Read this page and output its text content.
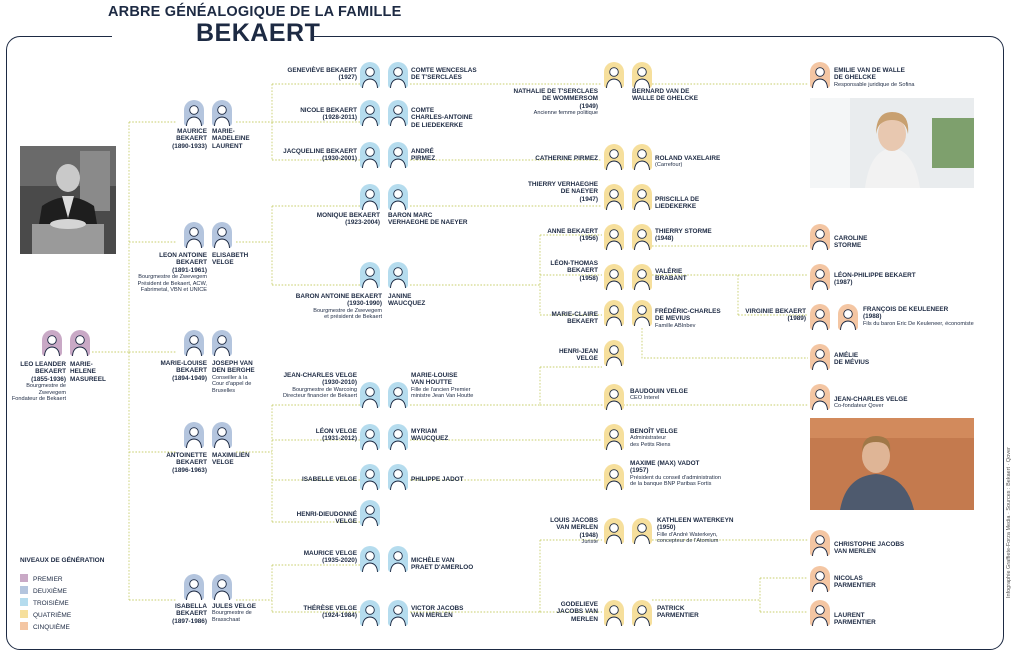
ARBRE GÉNÉALOGIQUE DE LA FAMILLE
BEKAERT
LEO LEANDER
BEKAERT
(1855-1936)
Bourgmestre de
Zwevegem
Fondateur de Bekaert
MARIE-
HELENE
MASUREEL
MAURICE
BEKAERT
(1890-1933)
MARIE-
MADELEINE
LAURENT
LEON ANTOINE
BEKAERT
(1891-1961)
Bourgmestre de Zwevegem
Président de Bekaert, ACW,
Fabrimetal, VBN et UNICE
ELISABETH
VELGE
MARIE-LOUISE
BEKAERT
(1894-1949)
JOSEPH VAN
DEN BERGHE
Conseiller à la
Cour d'appel de
Bruxelles
ANTOINETTE
BEKAERT
(1896-1963)
MAXIMILIEN
VELGE
ISABELLA
BEKAERT
(1897-1986)
JULES VELGE
Bourgmestre de
Brasschaat
GENEVIÈVE BEKAERT
(1927)
COMTE WENCESLAS
DE T'SERCLAES
NICOLE BEKAERT
(1928-2011)
COMTE
CHARLES-ANTOINE
DE LIEDEKERKE
JACQUELINE BEKAERT
(1930-2001)
ANDRÉ
PIRMEZ
MONIQUE BEKAERT
(1923-2004)
BARON MARC
VERHAEGHE DE NAEYER
BARON ANTOINE BEKAERT
(1930-1990)
Bourgmestre de Zwevegem
et président de Bekaert
JANINE
WAUCQUEZ
JEAN-CHARLES VELGE
(1930-2010)
Bourgmestre de Warcoing
Directeur financier de Bekaert
MARIE-LOUISE
VAN HOUTTE
Fille de l'ancien Premier
ministre Jean Van Houtte
LÉON VELGE
(1931-2012)
MYRIAM
WAUCQUEZ
ISABELLE VELGE	PHILIPPE JADOT
HENRI-DIEUDONNÉ
VELGE
MAURICE VELGE
(1935-2020)	MICHÈLE VAN
PRAET D'AMERLOO
THÉRÈSE VELGE
(1924-1984)
VICTOR JACOBS
VAN MERLEN
NATHALIE DE T'SERCLAES
DE WOMMERSOM
(1949)
Ancienne femme politique
BERNARD VAN DE
WALLE DE GHELCKE
CATHERINE PIRMEZ	ROLAND VAXELAIRE
(Carrefour)
THIERRY VERHAEGHE
DE NAEYER
(1947)	PRISCILLA DE
LIEDEKERKE
ANNE BEKAERT
(1956)
THIERRY STORME
(1948)
LÉON-THOMAS
BEKAERT
(1958)
VALÉRIE
BRABANT
MARIE-CLAIRE
BEKAERT
FRÉDÉRIC-CHARLES
DE MEVIUS
Famille ABInbev
HENRI-JEAN
VELGE
BAUDOUIN VELGE
CEO Interel
BENOÎT VELGE
Administrateur
des Petits Riens
MAXIME (MAX) VADOT
(1957)
Président du conseil d'administration
de la banque BNP Paribas Fortis
LOUIS JACOBS
VAN MERLEN
(1948)
Juriste
KATHLEEN WATERKEYN
(1950)
Fille d'André Waterkeyn,
concepteur de l'Atomium
GODELIEVE
JACOBS VAN
MERLEN
PATRICK
PARMENTIER
EMILIE VAN DE WALLE
DE GHELCKE
Responsable juridique de Sofina
CAROLINE
STORME
LÉON-PHILIPPE BEKAERT
(1987)
VIRGINIE BEKAERT
(1989)
FRANÇOIS DE KEULENEER
(1988)
Fils du baron Eric De Keuleneer, économiste
AMÉLIE
DE MÉVIUS
JEAN-CHARLES VELGE
Co-fondateur Qover
CHRISTOPHE JACOBS
VAN MERLEN
NICOLAS
PARMENTIER
LAURENT
PARMENTIER
NIVEAUX DE GÉNÉRATION
PREMIER
DEUXIÈME
TROISIÈME
QUATRIÈME
CINQUIÈME
Infographie Graffiete-Forza Media · Sources : Bekaert · Qover
